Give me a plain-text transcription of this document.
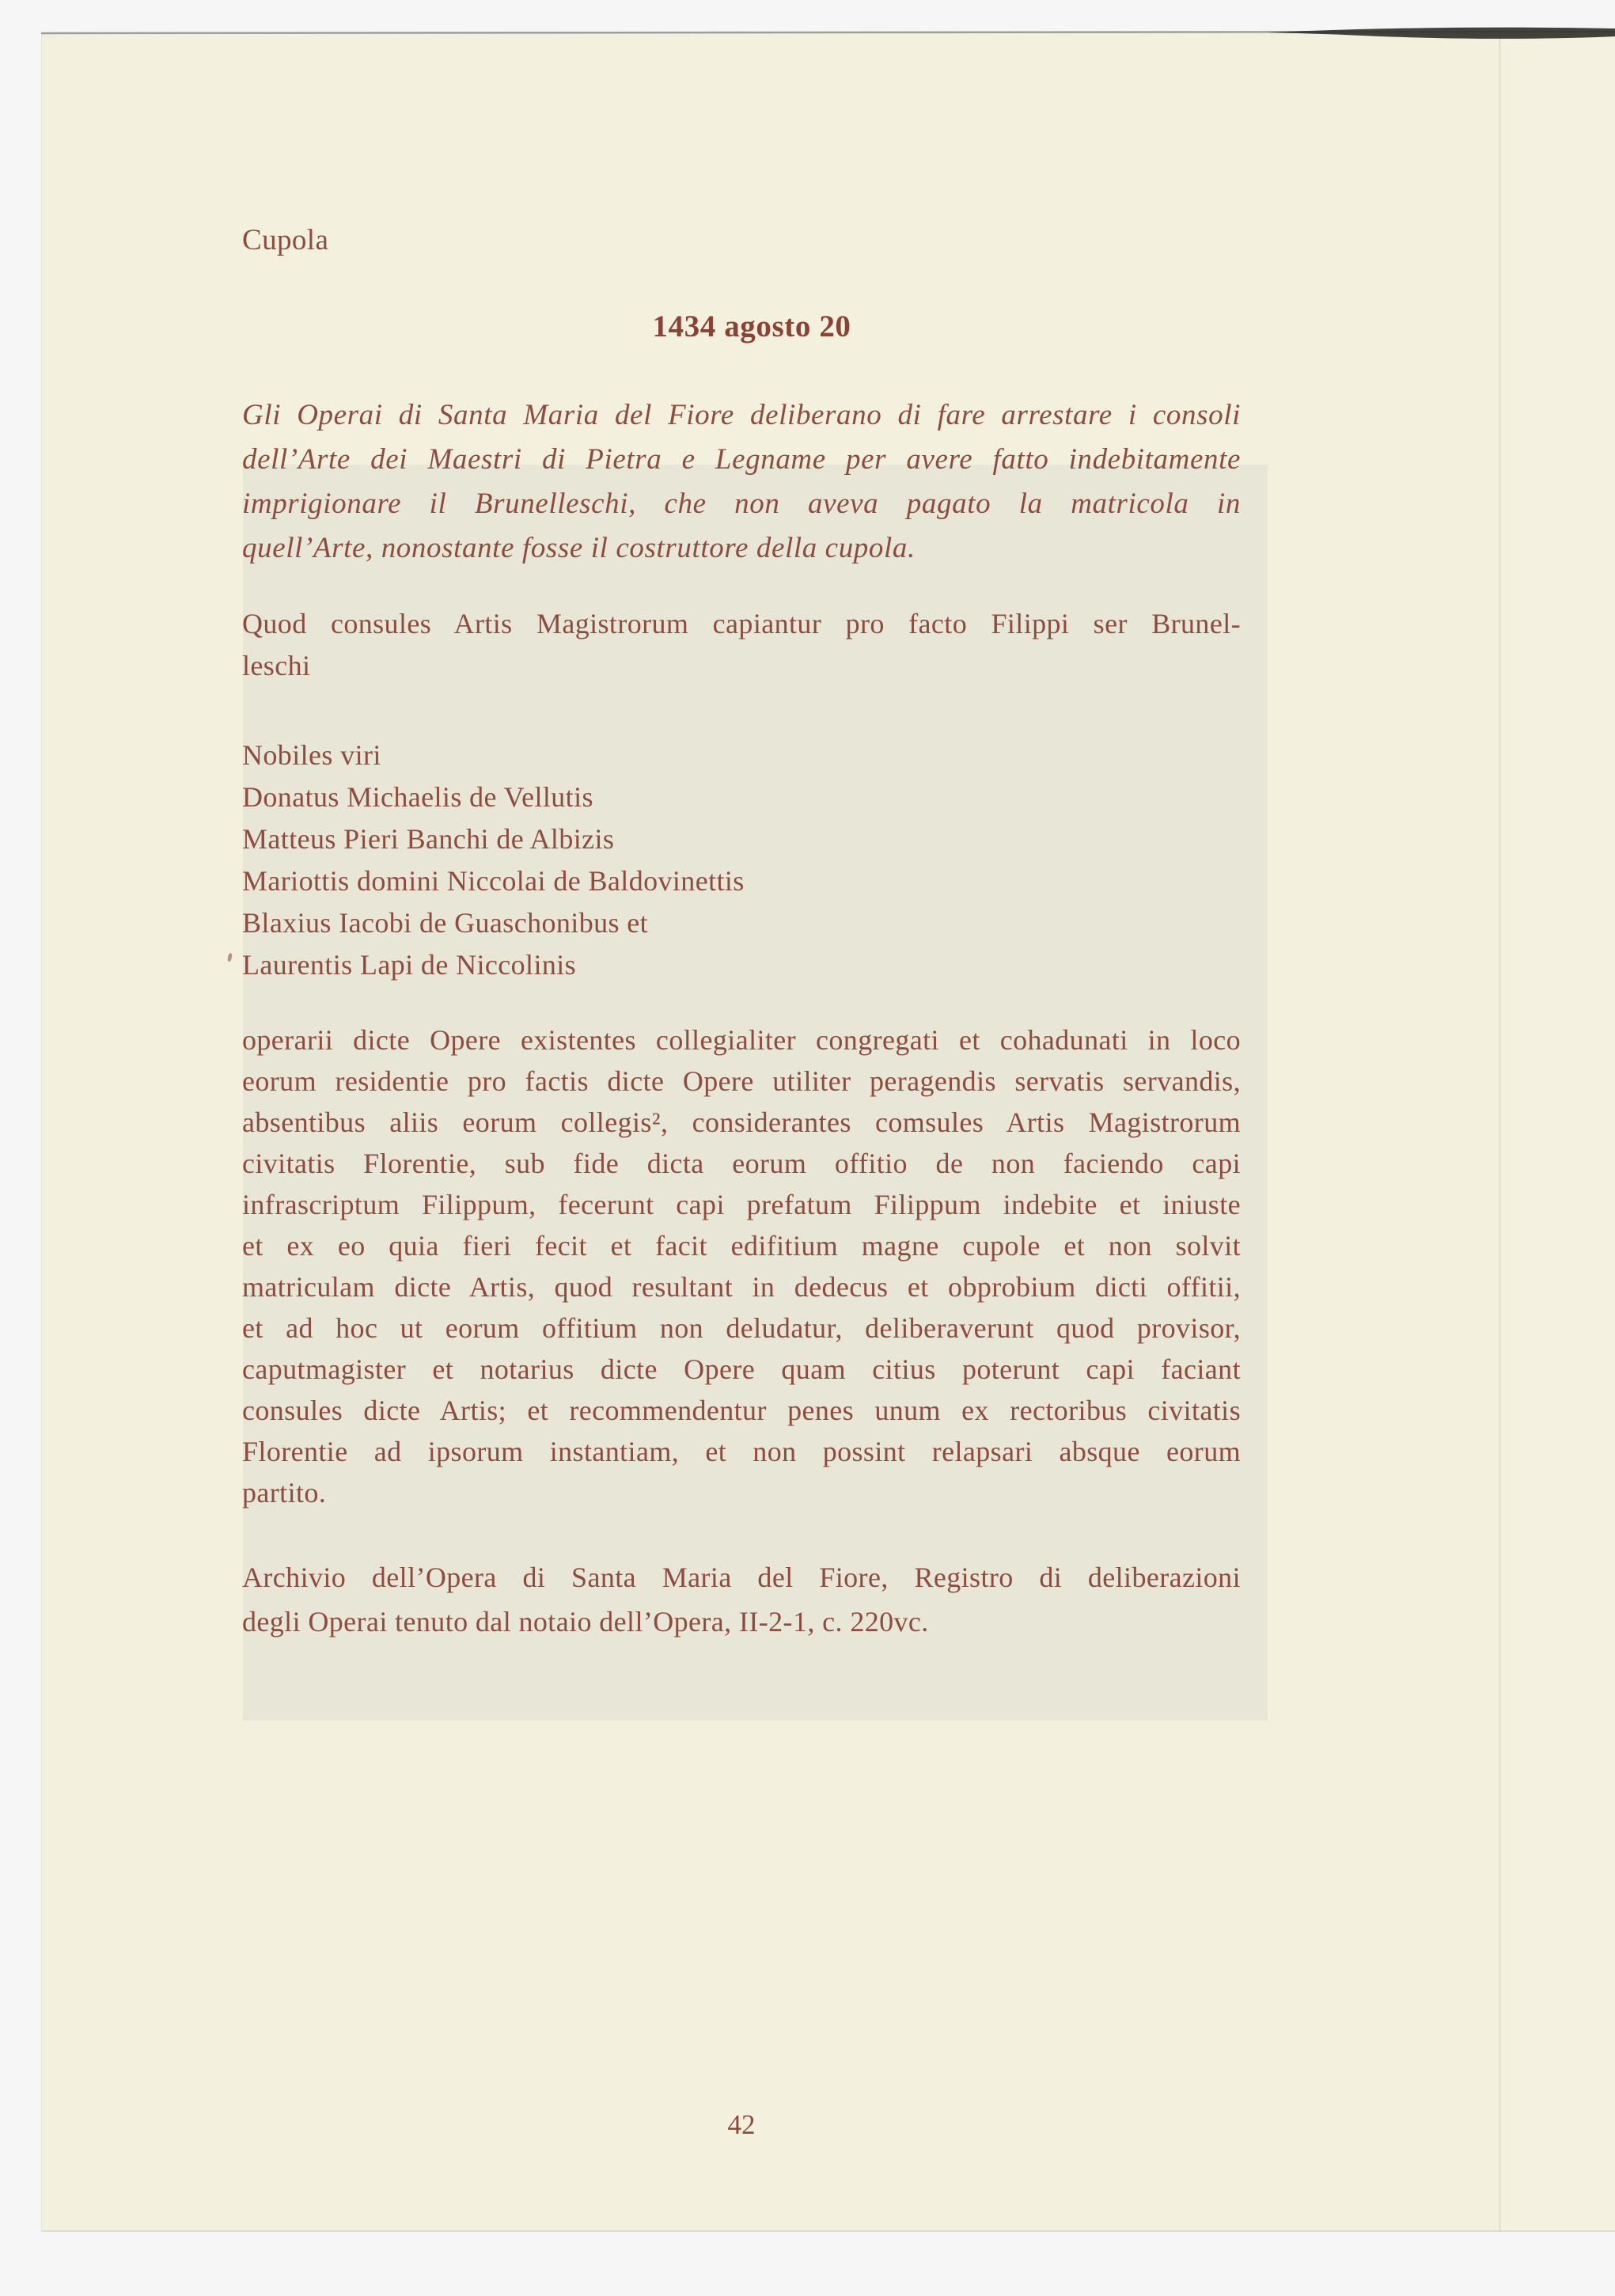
Cupola
1434 agosto 20
Gli Operai di Santa Maria del Fiore deliberano di fare arrestare i consoli
dell’Arte dei Maestri di Pietra e Legname per avere fatto indebitamente
imprigionare il Brunelleschi, che non aveva pagato la matricola in
quell’Arte, nonostante fosse il costruttore della cupola.
Quod consules Artis Magistrorum capiantur pro facto Filippi ser Brunel-
leschi
Nobiles viri
Donatus Michaelis de Vellutis
Matteus Pieri Banchi de Albizis
Mariottis domini Niccolai de Baldovinettis
Blaxius Iacobi de Guaschonibus et
Laurentis Lapi de Niccolinis
operarii dicte Opere existentes collegialiter congregati et cohadunati in loco
eorum residentie pro factis dicte Opere utiliter peragendis servatis servandis,
absentibus aliis eorum collegis², considerantes comsules Artis Magistrorum
civitatis Florentie, sub fide dicta eorum offitio de non faciendo capi
infrascriptum Filippum, fecerunt capi prefatum Filippum indebite et iniuste
et ex eo quia fieri fecit et facit edifitium magne cupole et non solvit
matriculam dicte Artis, quod resultant in dedecus et obprobium dicti offitii,
et ad hoc ut eorum offitium non deludatur, deliberaverunt quod provisor,
caputmagister et notarius dicte Opere quam citius poterunt capi faciant
consules dicte Artis; et recommendentur penes unum ex rectoribus civitatis
Florentie ad ipsorum instantiam, et non possint relapsari absque eorum
partito.
Archivio dell’Opera di Santa Maria del Fiore, Registro di deliberazioni
degli Operai tenuto dal notaio dell’Opera, II-2-1, c. 220vc.
42
